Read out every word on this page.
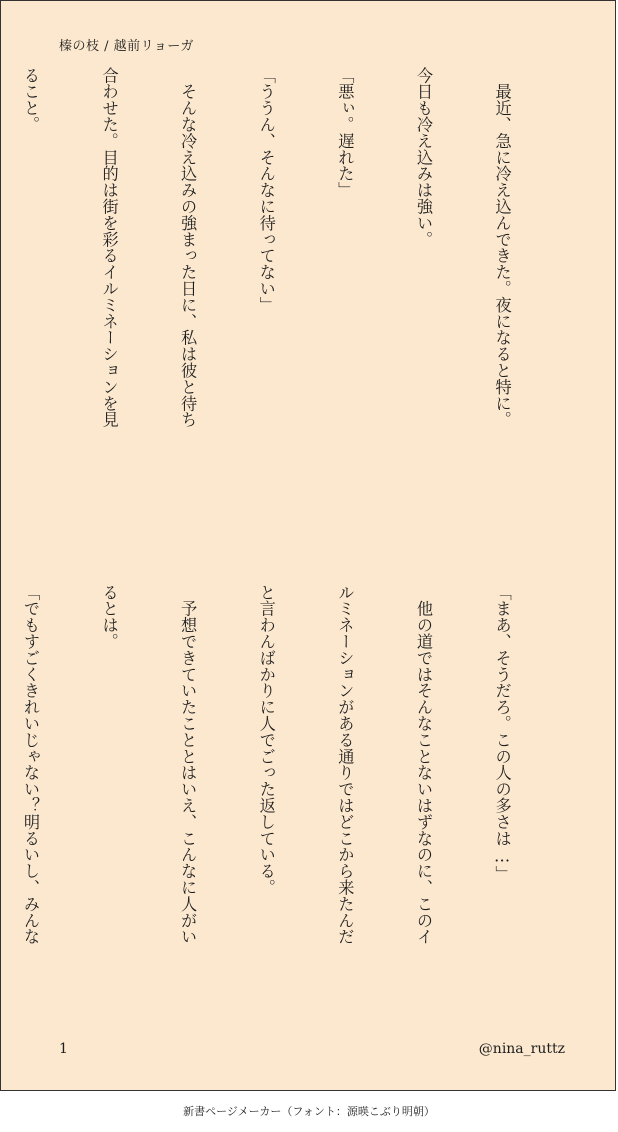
榛の枝 / 越前リョーガ

　最近、急に冷え込んできた。夜になると特に。

今日も冷え込みは強い。

「悪ぃ。遅れた」

「ううん、そんなに待ってない」

　そんな冷え込みの強まった日に、私は彼と待ち

合わせた。目的は街を彩るイルミネーションを見

ること。

「まあ、そうだろ。この人の多さは…」

　他の道ではそんなことないはずなのに、このイ

ルミネーションがある通りではどこから来たんだ

と言わんばかりに人でごった返している。

　予想できていたこととはいえ、こんなに人がい

るとは。

「でもすごくきれいじゃない？明るいし、みんな

1	@nina_ruttz
新書ページメーカー（フォント：源暎こぶり明朝）
